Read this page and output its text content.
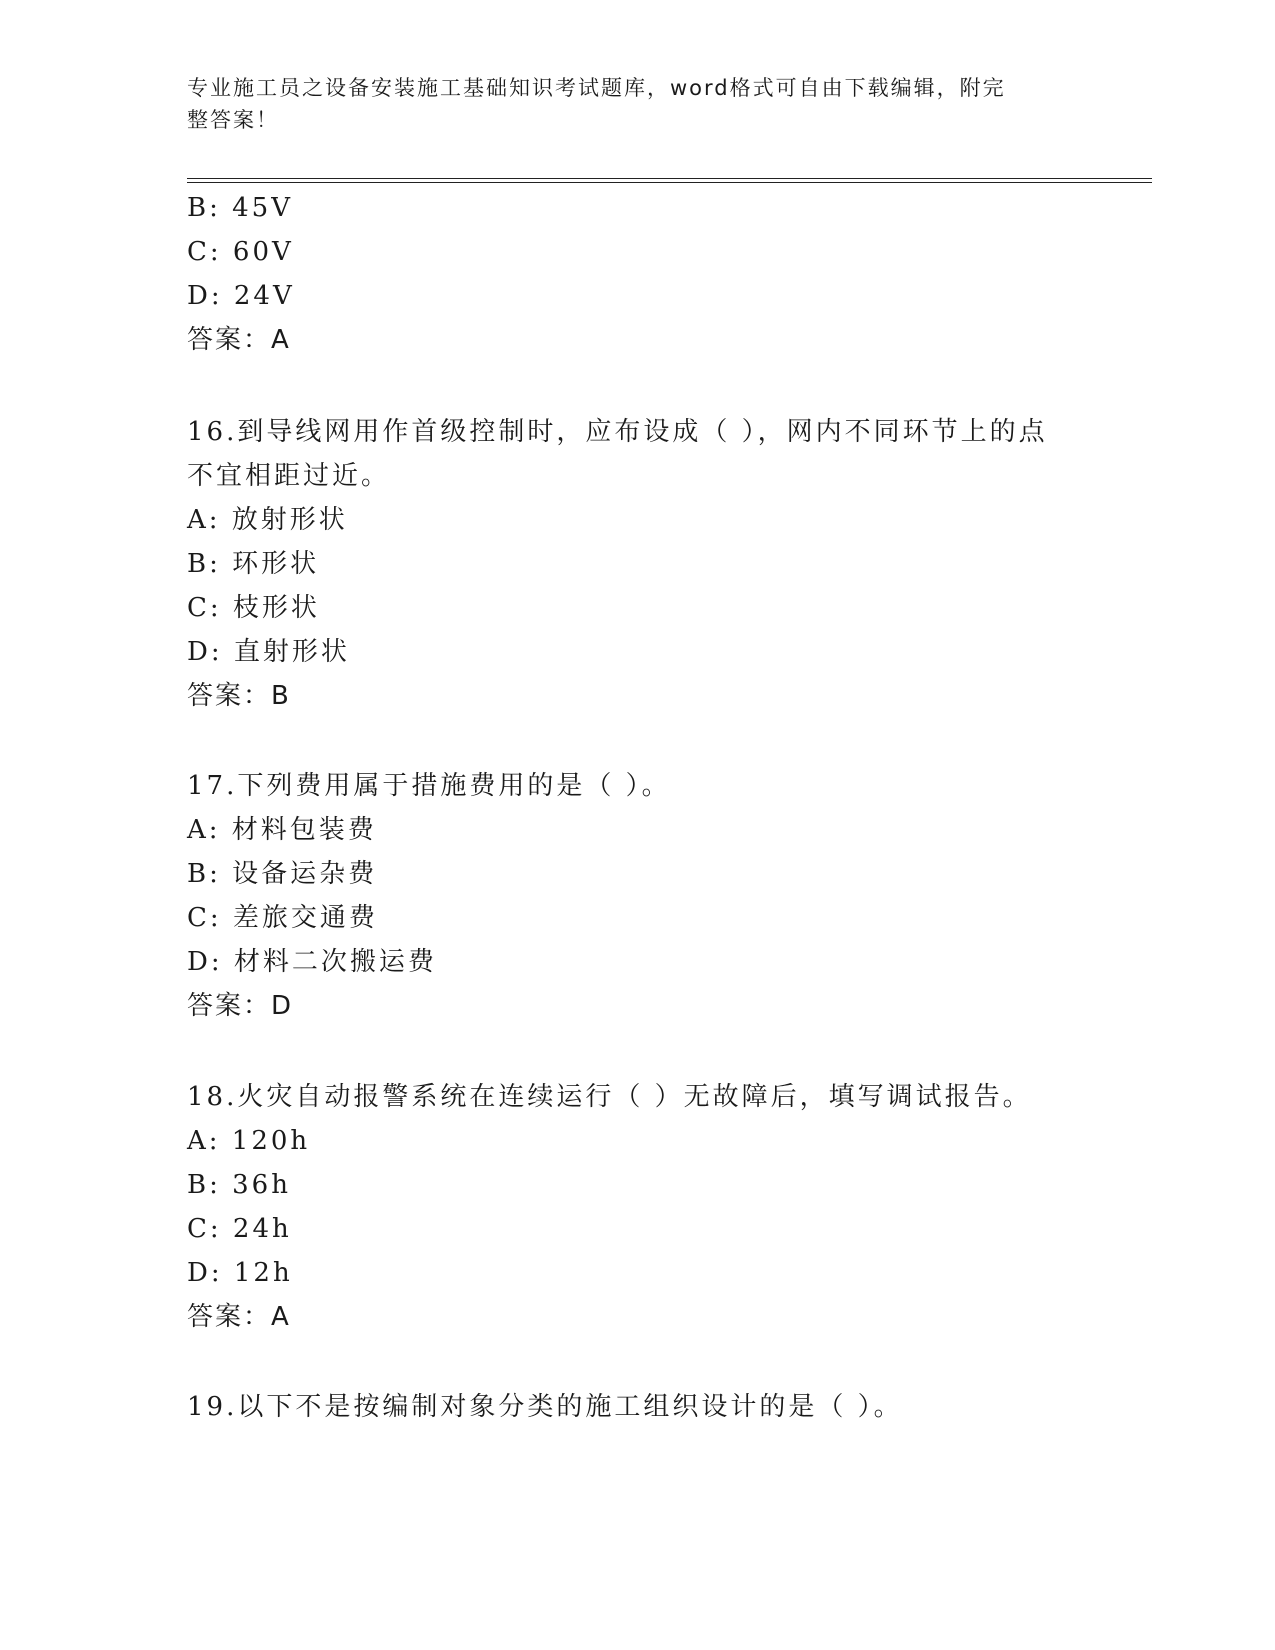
专业施工员之设备安装施工基础知识考试题库，word格式可自由下载编辑，附完
整答案！
B: 45V
C: 60V
D: 24V
答案：A
16.到导线网用作首级控制时，应布设成（ ），网内不同环节上的点
不宜相距过近。
A: 放射形状
B: 环形状
C: 枝形状
D: 直射形状
答案：B
17.下列费用属于措施费用的是（ ）。
A: 材料包装费
B: 设备运杂费
C: 差旅交通费
D: 材料二次搬运费
答案：D
18.火灾自动报警系统在连续运行（ ）无故障后，填写调试报告。
A: 120h
B: 36h
C: 24h
D: 12h
答案：A
19.以下不是按编制对象分类的施工组织设计的是（ ）。
